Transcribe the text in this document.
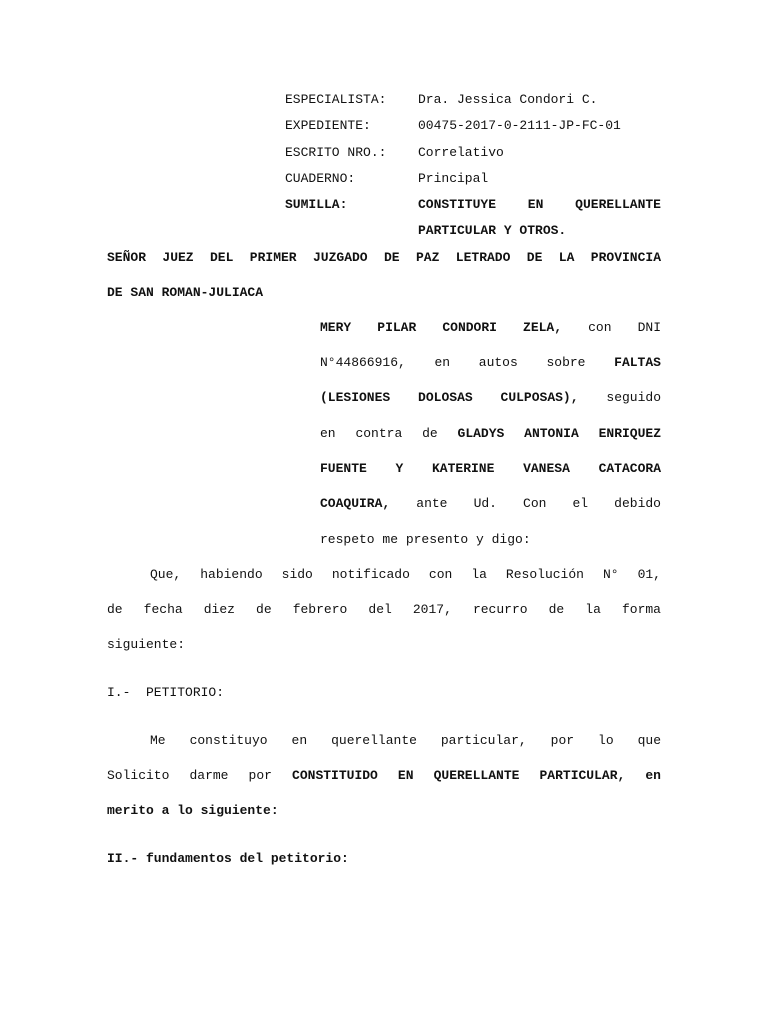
ESPECIALISTA: Dra. Jessica Condori C.
EXPEDIENTE:	00475-2017-0-2111-JP-FC-01
ESCRITO NRO.: Correlativo
CUADERNO:	Principal
SUMILLA:	CONSTITUYE EN QUERELLANTE
PARTICULAR Y OTROS.
SEÑOR JUEZ DEL PRIMER JUZGADO DE PAZ LETRADO DE LA PROVINCIA
DE SAN ROMAN-JULIACA
MERY PILAR CONDORI ZELA, con DNI
N°44866916, en autos sobre FALTAS
(LESIONES DOLOSAS CULPOSAS), seguido
en contra de GLADYS ANTONIA ENRIQUEZ
FUENTE Y KATERINE VANESA CATACORA
COAQUIRA, ante Ud. Con el debido
respeto me presento y digo:
Que, habiendo sido notificado con la Resolución N° 01,
de fecha diez de febrero del 2017, recurro de la forma
siguiente:
I.-  PETITORIO:
Me constituyo en querellante particular, por lo que
Solicito darme por CONSTITUIDO EN QUERELLANTE PARTICULAR, en
merito a lo siguiente:
II.- fundamentos del petitorio:
